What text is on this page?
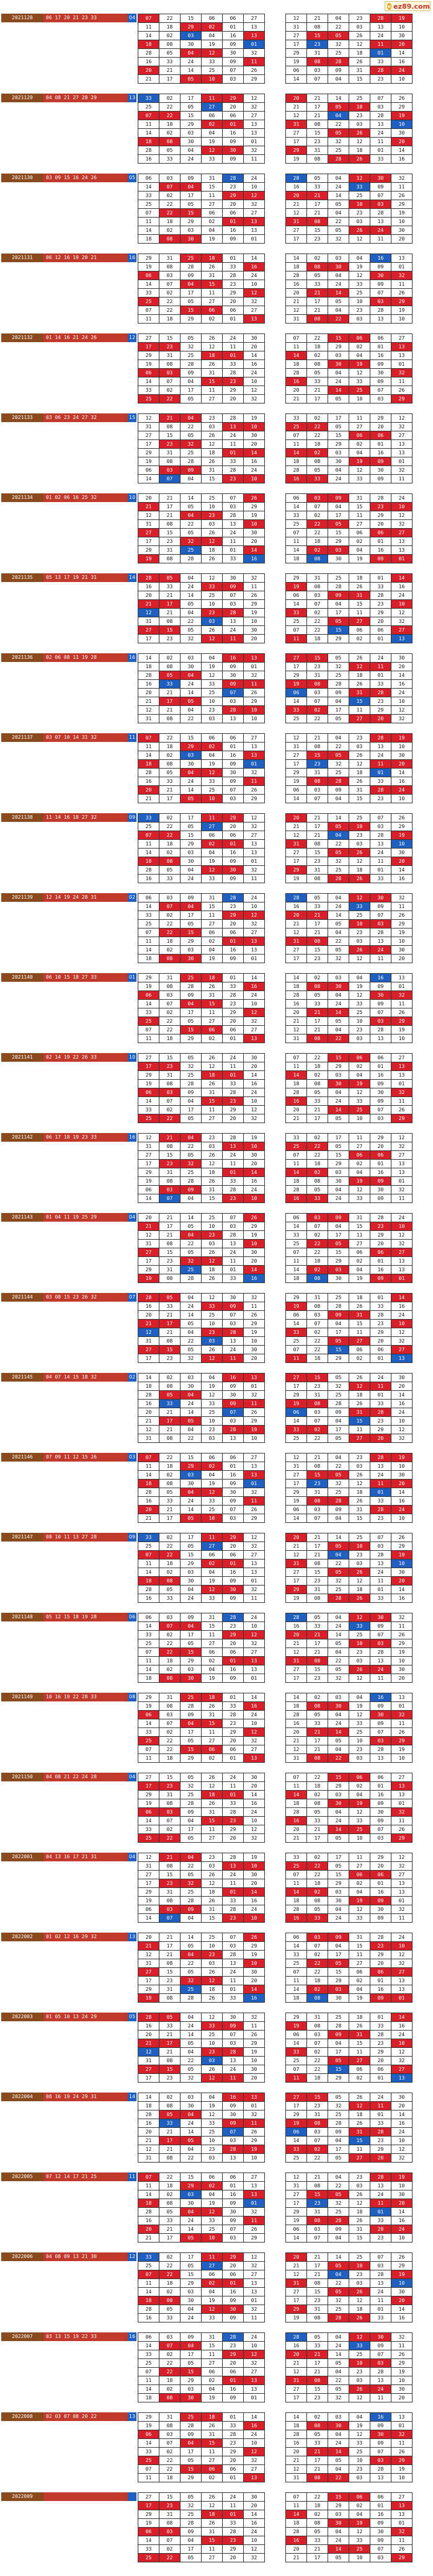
e ez89.com
2021128	06 17 20 21 23 33	04 07	22	15	06	06	27
11	18	29	02	01	13
14	02	03	04	16	13
18	08	30	19	09	01
28	05	04	12	30	32
16	33	24	33	09	11
20	21	14	25	07	26
21	17	05	10	03	29
12	21	04	23	28	19
31	08	22	03	13	10
27	15	05	26	24	30
17	23	32	12	11	20
29	31	25	18	01	14
19	08	28	26	33	16
06	03	09	31	28	24
14	07	04	15	23	10
2021129	04 08 21 27 28 29	13 33	02	17	11	29	12
25	22	05	27	20	32
07	22	15	06	06	27
11	18	29	02	01	13
14	02	03	04	16	13
18	08	30	19	09	01
28	05	04	12	30	32
16	33	24	33	09	11
20	21	14	25	07	26
21	17	05	10	03	29
12	21	04	23	28	19
31	08	22	03	13	10
27	15	05	26	24	30
17	23	32	12	11	20
29	31	25	18	01	14
19	08	28	26	33	16
2021130	03 09 15 16 24 26	05 06	03	09	31	28	24
14	07	04	15	23	10
33	02	17	11	29	12
25	22	05	27	20	32
07	22	15	06	06	27
11	18	29	02	01	13
14	02	03	04	16	13
18	08	30	19	09	01
28	05	04	12	30	32
16	33	24	33	09	11
20	21	14	25	07	26
21	17	05	10	03	29
12	21	04	23	28	19
31	08	22	03	13	10
27	15	05	26	24	30
17	23	32	12	11	20
2021131	06 12 16 19 20 21	16 29	31	25	18	01	14
19	08	28	26	33	16
06	03	09	31	28	24
14	07	04	15	23	10
33	02	17	11	29	12
25	22	05	27	20	32
07	22	15	06	06	27
11	18	29	02	01	13
14	02	03	04	16	13
18	08	30	19	09	01
28	05	04	12	30	32
16	33	24	33	09	11
20	21	14	25	07	26
21	17	05	10	03	29
12	21	04	23	28	19
31	08	22	03	13	10
2021132	01 14 16 21 24 26	12 27	15	05	26	24	30
17	23	32	12	11	20
29	31	25	18	01	14
19	08	28	26	33	16
06	03	09	31	28	24
14	07	04	15	23	10
33	02	17	11	29	12
25	22	05	27	20	32
07	22	15	06	06	27
11	18	29	02	01	13
14	02	03	04	16	13
18	08	30	19	09	01
28	05	04	12	30	32
16	33	24	33	09	11
20	21	14	25	07	26
21	17	05	10	03	29
2021133	03 06 23 24 27 32	15 12	21	04	23	28	19
31	08	22	03	13	10
27	15	05	26	24	30
17	23	32	12	11	20
29	31	25	18	01	14
19	08	28	26	33	16
06	03	09	31	28	24
14	07	04	15	23	10
33	02	17	11	29	12
25	22	05	27	20	32
07	22	15	06	06	27
11	18	29	02	01	13
14	02	03	04	16	13
18	08	30	19	09	01
28	05	04	12	30	32
16	33	24	33	09	11
2021134	01 02 06 16 25 32	10 20	21	14	25	07	26
21	17	05	10	03	29
12	21	04	23	28	19
31	08	22	03	13	10
27	15	05	26	24	30
17	23	32	12	11	20
29	31	25	18	01	14
19	08	28	26	33	16
06	03	09	31	28	24
14	07	04	15	23	10
33	02	17	11	29	12
25	22	05	27	20	32
07	22	15	06	06	27
11	18	29	02	01	13
14	02	03	04	16	13
18	08	30	19	09	01
2021135	05 13 17 19 21 31	14 28	05	04	12	30	32
16	33	24	33	09	11
20	21	14	25	07	26
21	17	05	10	03	29
12	21	04	23	28	19
31	08	22	03	13	10
27	15	05	26	24	30
17	23	32	12	11	20
29	31	25	18	01	14
19	08	28	26	33	16
06	03	09	31	28	24
14	07	04	15	23	10
33	02	17	11	29	12
25	22	05	27	20	32
07	22	15	06	06	27
11	18	29	02	01	13
2021136	02 06 08 11 19 28	16 14	02	03	04	16	13
18	08	30	19	09	01
28	05	04	12	30	32
16	33	24	33	09	11
20	21	14	25	07	26
21	17	05	10	03	29
12	21	04	23	28	19
31	08	22	03	13	10
27	15	05	26	24	30
17	23	32	12	11	20
29	31	25	18	01	14
19	08	28	26	33	16
06	03	09	31	28	24
14	07	04	15	23	10
33	02	17	11	29	12
25	22	05	27	20	32
2021137	03 07 10 14 31 32	11 07	22	15	06	06	27
11	18	29	02	01	13
14	02	03	04	16	13
18	08	30	19	09	01
28	05	04	12	30	32
16	33	24	33	09	11
20	21	14	25	07	26
21	17	05	10	03	29
12	21	04	23	28	19
31	08	22	03	13	10
27	15	05	26	24	30
17	23	32	12	11	20
29	31	25	18	01	14
19	08	28	26	33	16
06	03	09	31	28	24
14	07	04	15	23	10
2021138	11 14 16 18 27 32	09 33	02	17	11	29	12
25	22	05	27	20	32
07	22	15	06	06	27
11	18	29	02	01	13
14	02	03	04	16	13
18	08	30	19	09	01
28	05	04	12	30	32
16	33	24	33	09	11
20	21	14	25	07	26
21	17	05	10	03	29
12	21	04	23	28	19
31	08	22	03	13	10
27	15	05	26	24	30
17	23	32	12	11	20
29	31	25	18	01	14
19	08	28	26	33	16
2021139	12 14 19 24 28 31	02 06	03	09	31	28	24
14	07	04	15	23	10
33	02	17	11	29	12
25	22	05	27	20	32
07	22	15	06	06	27
11	18	29	02	01	13
14	02	03	04	16	13
18	08	30	19	09	01
28	05	04	12	30	32
16	33	24	33	09	11
20	21	14	25	07	26
21	17	05	10	03	29
12	21	04	23	28	19
31	08	22	03	13	10
27	15	05	26	24	30
17	23	32	12	11	20
2021140	06 10 15 18 27 33	01 29	31	25	18	01	14
19	08	28	26	33	16
06	03	09	31	28	24
14	07	04	15	23	10
33	02	17	11	29	12
25	22	05	27	20	32
07	22	15	06	06	27
11	18	29	02	01	13
14	02	03	04	16	13
18	08	30	19	09	01
28	05	04	12	30	32
16	33	24	33	09	11
20	21	14	25	07	26
21	17	05	10	03	29
12	21	04	23	28	19
31	08	22	03	13	10
2021141	02 14 19 22 26 33	10 27	15	05	26	24	30
17	23	32	12	11	20
29	31	25	18	01	14
19	08	28	26	33	16
06	03	09	31	28	24
14	07	04	15	23	10
33	02	17	11	29	12
25	22	05	27	20	32
07	22	15	06	06	27
11	18	29	02	01	13
14	02	03	04	16	13
18	08	30	19	09	01
28	05	04	12	30	32
16	33	24	33	09	11
20	21	14	25	07	26
21	17	05	10	03	29
2021142	06 17 18 19 23 33	16 12	21	04	23	28	19
31	08	22	03	13	10
27	15	05	26	24	30
17	23	32	12	11	20
29	31	25	18	01	14
19	08	28	26	33	16
06	03	09	31	28	24
14	07	04	15	23	10
33	02	17	11	29	12
25	22	05	27	20	32
07	22	15	06	06	27
11	18	29	02	01	13
14	02	03	04	16	13
18	08	30	19	09	01
28	05	04	12	30	32
16	33	24	33	09	11
2021143	01 04 11 19 25 29	04 20	21	14	25	07	26
21	17	05	10	03	29
12	21	04	23	28	19
31	08	22	03	13	10
27	15	05	26	24	30
17	23	32	12	11	20
29	31	25	18	01	14
19	08	28	26	33	16
06	03	09	31	28	24
14	07	04	15	23	10
33	02	17	11	29	12
25	22	05	27	20	32
07	22	15	06	06	27
11	18	29	02	01	13
14	02	03	04	16	13
18	08	30	19	09	01
2021144	03 08 15 23 26 32	07 28	05	04	12	30	32
16	33	24	33	09	11
20	21	14	25	07	26
21	17	05	10	03	29
12	21	04	23	28	19
31	08	22	03	13	10
27	15	05	26	24	30
17	23	32	12	11	20
29	31	25	18	01	14
19	08	28	26	33	16
06	03	09	31	28	24
14	07	04	15	23	10
33	02	17	11	29	12
25	22	05	27	20	32
07	22	15	06	06	27
11	18	29	02	01	13
2021145	04 07 14 15 18 32	02 14	02	03	04	16	13
18	08	30	19	09	01
28	05	04	12	30	32
16	33	24	33	09	11
20	21	14	25	07	26
21	17	05	10	03	29
12	21	04	23	28	19
31	08	22	03	13	10
27	15	05	26	24	30
17	23	32	12	11	20
29	31	25	18	01	14
19	08	28	26	33	16
06	03	09	31	28	24
14	07	04	15	23	10
33	02	17	11	29	12
25	22	05	27	20	32
2021146	07 09 11 12 15 26	03 07	22	15	06	06	27
11	18	29	02	01	13
14	02	03	04	16	13
18	08	30	19	09	01
28	05	04	12	30	32
16	33	24	33	09	11
20	21	14	25	07	26
21	17	05	10	03	29
12	21	04	23	28	19
31	08	22	03	13	10
27	15	05	26	24	30
17	23	32	12	11	20
29	31	25	18	01	14
19	08	28	26	33	16
06	03	09	31	28	24
14	07	04	15	23	10
2021147	08 10 11 13 27 28	09 33	02	17	11	29	12
25	22	05	27	20	32
07	22	15	06	06	27
11	18	29	02	01	13
14	02	03	04	16	13
18	08	30	19	09	01
28	05	04	12	30	32
16	33	24	33	09	11
20	21	14	25	07	26
21	17	05	10	03	29
12	21	04	23	28	19
31	08	22	03	13	10
27	15	05	26	24	30
17	23	32	12	11	20
29	31	25	18	01	14
19	08	28	26	33	16
2021148	05 12 15 18 19 28	06 06	03	09	31	28	24
14	07	04	15	23	10
33	02	17	11	29	12
25	22	05	27	20	32
07	22	15	06	06	27
11	18	29	02	01	13
14	02	03	04	16	13
18	08	30	19	09	01
28	05	04	12	30	32
16	33	24	33	09	11
20	21	14	25	07	26
21	17	05	10	03	29
12	21	04	23	28	19
31	08	22	03	13	10
27	15	05	26	24	30
17	23	32	12	11	20
2021149	10 16 19 22 28 33	08 29	31	25	18	01	14
19	08	28	26	33	16
06	03	09	31	28	24
14	07	04	15	23	10
33	02	17	11	29	12
25	22	05	27	20	32
07	22	15	06	06	27
11	18	29	02	01	13
14	02	03	04	16	13
18	08	30	19	09	01
28	05	04	12	30	32
16	33	24	33	09	11
20	21	14	25	07	26
21	17	05	10	03	29
12	21	04	23	28	19
31	08	22	03	13	10
2021150	04 08 21 22 24 28	04 27	15	05	26	24	30
17	23	32	12	11	20
29	31	25	18	01	14
19	08	28	26	33	16
06	03	09	31	28	24
14	07	04	15	23	10
33	02	17	11	29	12
25	22	05	27	20	32
07	22	15	06	06	27
11	18	29	02	01	13
14	02	03	04	16	13
18	08	30	19	09	01
28	05	04	12	30	32
16	33	24	33	09	11
20	21	14	25	07	26
21	17	05	10	03	29
2022001	04 13 16 17 21 31	04 12	21	04	23	28	19
31	08	22	03	13	10
27	15	05	26	24	30
17	23	32	12	11	20
29	31	25	18	01	14
19	08	28	26	33	16
06	03	09	31	28	24
14	07	04	15	23	10
33	02	17	11	29	12
25	22	05	27	20	32
07	22	15	06	06	27
11	18	29	02	01	13
14	02	03	04	16	13
18	08	30	19	09	01
28	05	04	12	30	32
16	33	24	33	09	11
2022002	01 02 12 16 29 32	13 20	21	14	25	07	26
21	17	05	10	03	29
12	21	04	23	28	19
31	08	22	03	13	10
27	15	05	26	24	30
17	23	32	12	11	20
29	31	25	18	01	14
19	08	28	26	33	16
06	03	09	31	28	24
14	07	04	15	23	10
33	02	17	11	29	12
25	22	05	27	20	32
07	22	15	06	06	27
11	18	29	02	01	13
14	02	03	04	16	13
18	08	30	19	09	01
2022003	01 05 10 13 24 29	05 28	05	04	12	30	32
16	33	24	33	09	11
20	21	14	25	07	26
21	17	05	10	03	29
12	21	04	23	28	19
31	08	22	03	13	10
27	15	05	26	24	30
17	23	32	12	11	20
29	31	25	18	01	14
19	08	28	26	33	16
06	03	09	31	28	24
14	07	04	15	23	10
33	02	17	11	29	12
25	22	05	27	20	32
07	22	15	06	06	27
11	18	29	02	01	13
2022004	08 16 19 24 29 31	14 14	02	03	04	16	13
18	08	30	19	09	01
28	05	04	12	30	32
16	33	24	33	09	11
20	21	14	25	07	26
21	17	05	10	03	29
12	21	04	23	28	19
31	08	22	03	13	10
27	15	05	26	24	30
17	23	32	12	11	20
29	31	25	18	01	14
19	08	28	26	33	16
06	03	09	31	28	24
14	07	04	15	23	10
33	02	17	11	29	12
25	22	05	27	20	32
2022005	07 12 14 17 21 25	11 07	22	15	06	06	27
11	18	29	02	01	13
14	02	03	04	16	13
18	08	30	19	09	01
28	05	04	12	30	32
16	33	24	33	09	11
20	21	14	25	07	26
21	17	05	10	03	29
12	21	04	23	28	19
31	08	22	03	13	10
27	15	05	26	24	30
17	23	32	12	11	20
29	31	25	18	01	14
19	08	28	26	33	16
06	03	09	31	28	24
14	07	04	15	23	10
2022006	04 08 09 13 21 30	12 33	02	17	11	29	12
25	22	05	27	20	32
07	22	15	06	06	27
11	18	29	02	01	13
14	02	03	04	16	13
18	08	30	19	09	01
28	05	04	12	30	32
16	33	24	33	09	11
20	21	14	25	07	26
21	17	05	10	03	29
12	21	04	23	28	19
31	08	22	03	13	10
27	15	05	26	24	30
17	23	32	12	11	20
29	31	25	18	01	14
19	08	28	26	33	16
2022007	03 13 15 19 22 33	16 06	03	09	31	28	24
14	07	04	15	23	10
33	02	17	11	29	12
25	22	05	27	20	32
07	22	15	06	06	27
11	18	29	02	01	13
14	02	03	04	16	13
18	08	30	19	09	01
28	05	04	12	30	32
16	33	24	33	09	11
20	21	14	25	07	26
21	17	05	10	03	29
12	21	04	23	28	19
31	08	22	03	13	10
27	15	05	26	24	30
17	23	32	12	11	20
2022008	02 03 07 08 20 22	13 29	31	25	18	01	14
19	08	28	26	33	16
06	03	09	31	28	24
14	07	04	15	23	10
33	02	17	11	29	12
25	22	05	27	20	32
07	22	15	06	06	27
11	18	29	02	01	13
14	02	03	04	16	13
18	08	30	19	09	01
28	05	04	12	30	32
16	33	24	33	09	11
20	21	14	25	07	26
21	17	05	10	03	29
12	21	04	23	28	19
31	08	22	03	13	10
2022009	27	15	05	26	24	30
17	23	32	12	11	20
29	31	25	18	01	14
19	08	28	26	33	16
06	03	09	31	28	24
14	07	04	15	23	10
33	02	17	11	29	12
25	22	05	27	20	32
07	22	15	06	06	27
11	18	29	02	01	13
14	02	03	04	16	13
18	08	30	19	09	01
28	05	04	12	30	32
16	33	24	33	09	11
20	21	14	25	07	26
21	17	05	10	03	29
